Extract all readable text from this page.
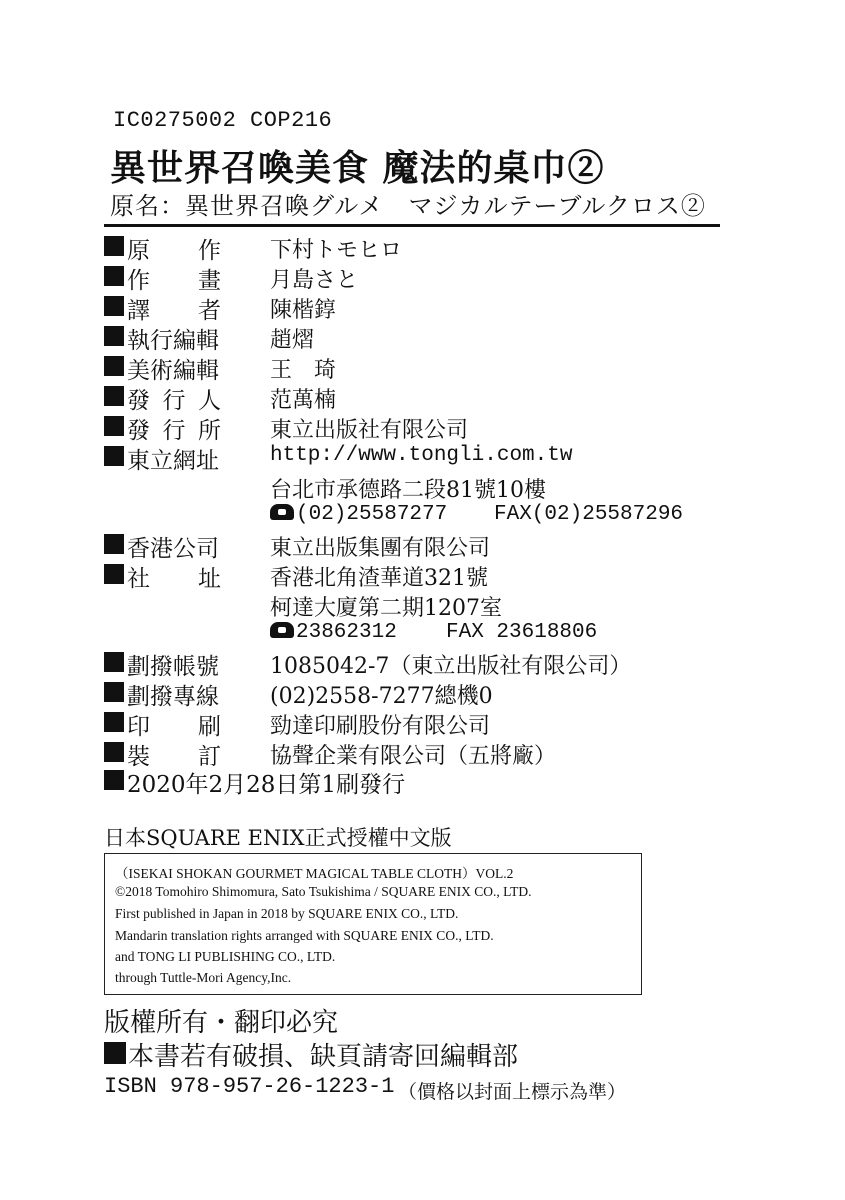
IC0275002 COP216
異世界召喚美食 魔法的桌巾②
原名：異世界召喚グルメ　マジカルテーブルクロス②
原 作 下村トモヒロ
作 畫 月島さと
譯 者 陳楷錞
執行編輯 趙熠
美術編輯 王　琦
發 行 人 范萬楠
發 行 所 東立出版社有限公司
東立網址 http://www.tongli.com.tw
台北市承德路二段81號10樓
(02)25587277 FAX(02)25587296
香港公司 東立出版集團有限公司
社 址 香港北角渣華道321號
柯達大廈第二期1207室
23862312 FAX 23618806
劃撥帳號 1085042-7（東立出版社有限公司）
劃撥專線 (02)2558-7277總機0
印 刷 勁達印刷股份有限公司
裝 訂 協聲企業有限公司（五將廠）
2020年2月28日第1刷發行
日本SQUARE ENIX正式授權中文版
（ISEKAI SHOKAN GOURMET MAGICAL TABLE CLOTH）VOL.2
©2018 Tomohiro Shimomura, Sato Tsukishima / SQUARE ENIX CO., LTD.
First published in Japan in 2018 by SQUARE ENIX CO., LTD.
Mandarin translation rights arranged with SQUARE ENIX CO., LTD.
and TONG LI PUBLISHING CO., LTD.
through Tuttle-Mori Agency,Inc.
版權所有・翻印必究
本書若有破損、缺頁請寄回編輯部
ISBN 978-957-26-1223-1 （價格以封面上標示為準）
